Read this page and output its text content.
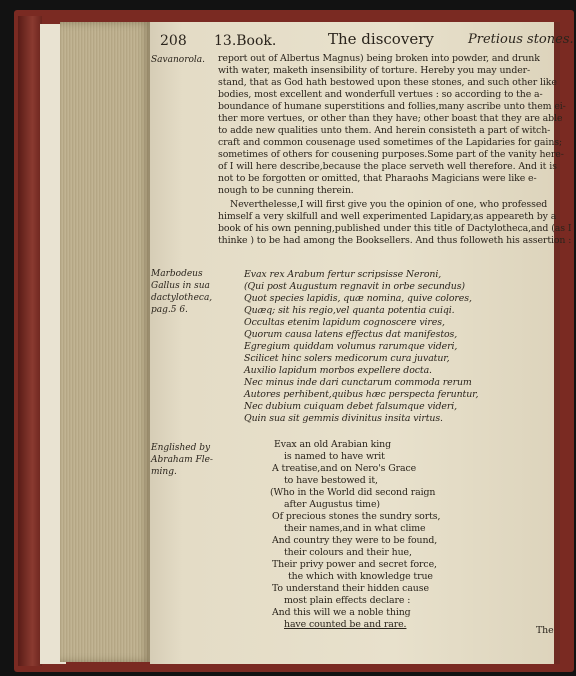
208 13.Book.	The discovery	Pretious stones.
Savanorola. report out of Albertus Magnus) being broken into powder, and drunk
with water, maketh insensibility of torture. Hereby you may under-
stand, that as God hath bestowed upon these stones, and such other like
bodies, most excellent and wonderfull vertues : so according to the a-
boundance of humane superstitions and follies,many ascribe unto them ei-
ther more vertues, or other than they have; other boast that they are able
to adde new qualities unto them. And herein consisteth a part of witch-
craft and common cousenage used sometimes of the Lapidaries for gains;
sometimes of others for cousening purposes.Some part of the vanity here-
of I will here describe,because the place serveth well therefore. And it is
not to be forgotten or omitted, that Pharaohs Magicians were like e-
nough to be cunning therein.
Neverthelesse,I will first give you the opinion of one, who professed
himself a very skilfull and well experimented Lapidary,as appeareth by a
book of his own penning,published under this title of Dactylotheca,and (as I
thinke ) to be had among the Booksellers. And thus followeth his assertion :
Marbodeus
Gallus in sua
dactylotheca,
pag.5 6.
Evax rex Arabum fertur scripsisse Neroni,
(Qui post Augustum regnavit in orbe secundus)
Quot species lapidis, quæ nomina, quive colores,
Quæq; sit his regio,vel quanta potentia cuiqi.
Occultas etenim lapidum cognoscere vires,
Quorum causa latens effectus dat manifestos,
Egregium quiddam volumus rarumque videri,
Scilicet hinc solers medicorum cura juvatur,
Auxilio lapidum morbos expellere docta.
Nec minus inde dari cunctarum commoda rerum
Autores perhibent,quibus hæc perspecta feruntur,
Nec dubium cuiquam debet falsumque videri,
Quin sua sit gemmis divinitus insita virtus.
Englished by
Abraham Fle-
ming.
Evax an old Arabian king
is named to have writ
A treatise,and on Nero's Grace
to have bestowed it,
(Who in the World did second raign
after Augustus time)
Of precious stones the sundry sorts,
their names,and in what clime
And country they were to be found,
their colours and their hue,
Their privy power and secret force,
the which with knowledge true
To understand their hidden cause
most plain effects declare :
And this will we a noble thing
have counted be and rare.
The
